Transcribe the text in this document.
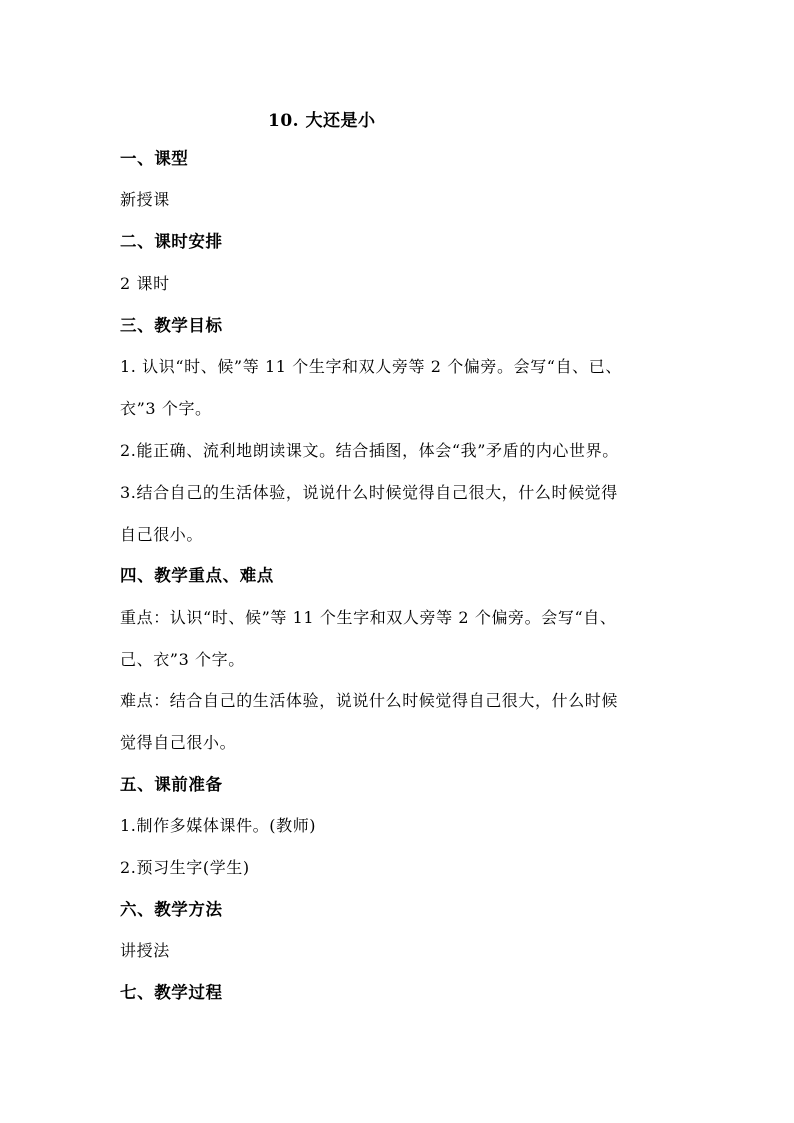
10. 大还是小
一、课型
新授课
二、课时安排
2 课时
三、教学目标
1. 认识“时、候”等 11 个生字和双人旁等 2 个偏旁。会写“自、已、
衣”3 个字。
2.能正确、流利地朗读课文。结合插图，体会“我”矛盾的内心世界。
3.结合自己的生活体验，说说什么时候觉得自己很大，什么时候觉得
自己很小。
四、教学重点、难点
重点：认识“时、候”等 11 个生字和双人旁等 2 个偏旁。会写“自、
己、衣”3 个字。
难点：结合自己的生活体验，说说什么时候觉得自己很大，什么时候
觉得自己很小。
五、课前准备
1.制作多媒体课件。(教师)
2.预习生字(学生)
六、教学方法
讲授法
七、教学过程
